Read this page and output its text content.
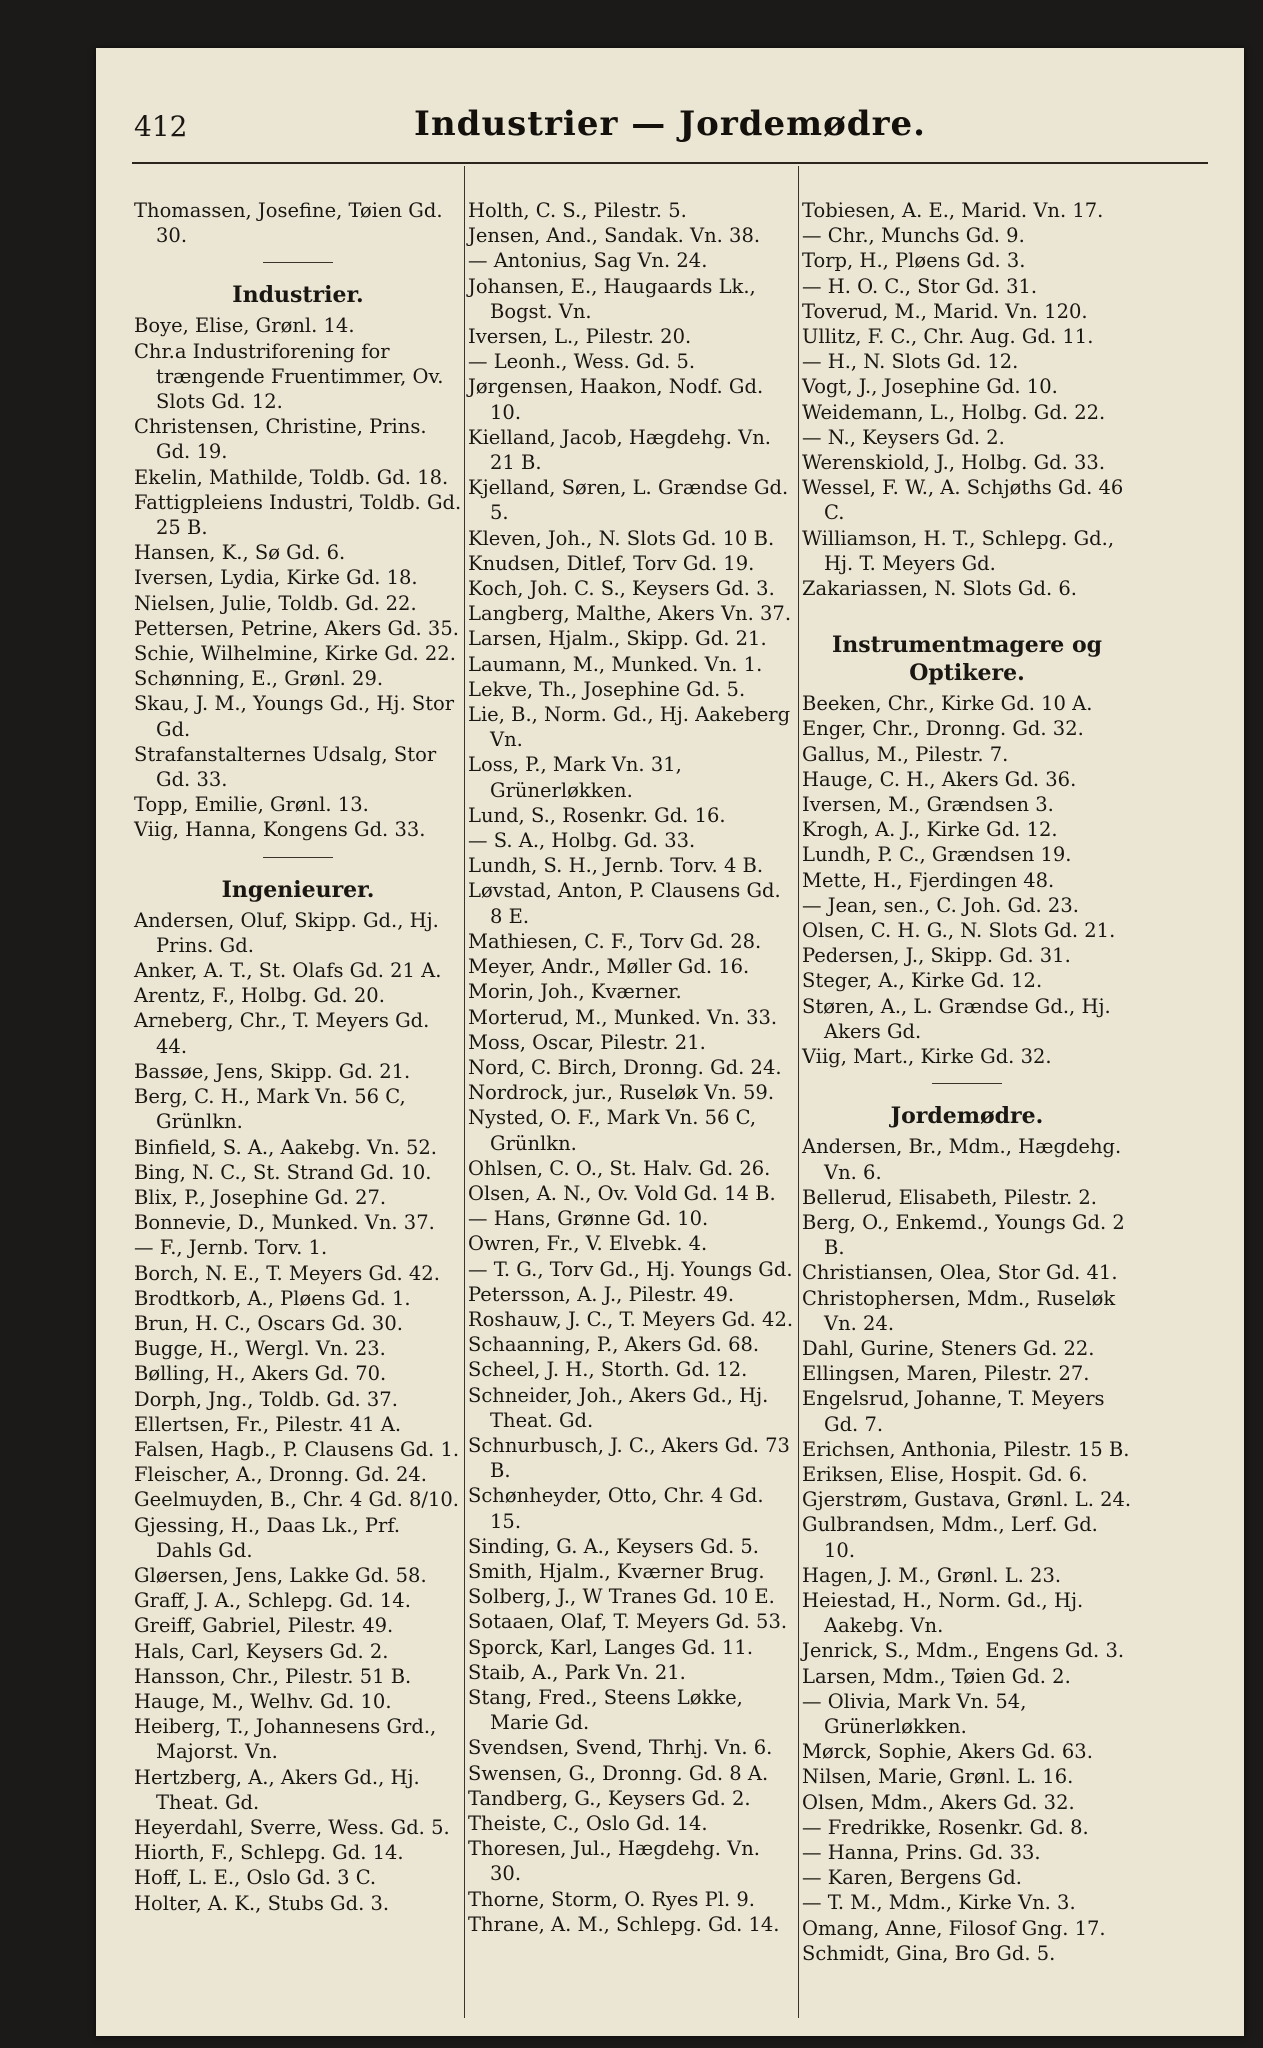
412	Industrier — Jordemødre.
Thomassen, Josefine, Tøien Gd. 30.
Industrier.
Boye, Elise, Grønl. 14.
Chr.a Industriforening for trængende Fruentimmer, Ov. Slots Gd. 12.
Christensen, Christine, Prins. Gd. 19.
Ekelin, Mathilde, Toldb. Gd. 18.
Fattigpleiens Industri, Toldb. Gd. 25 B.
Hansen, K., Sø Gd. 6.
Iversen, Lydia, Kirke Gd. 18.
Nielsen, Julie, Toldb. Gd. 22.
Pettersen, Petrine, Akers Gd. 35.
Schie, Wilhelmine, Kirke Gd. 22.
Schønning, E., Grønl. 29.
Skau, J. M., Youngs Gd., Hj. Stor Gd.
Strafanstalternes Udsalg, Stor Gd. 33.
Topp, Emilie, Grønl. 13.
Viig, Hanna, Kongens Gd. 33.
Ingenieurer.
Andersen, Oluf, Skipp. Gd., Hj. Prins. Gd.
Anker, A. T., St. Olafs Gd. 21 A.
Arentz, F., Holbg. Gd. 20.
Arneberg, Chr., T. Meyers Gd. 44.
Bassøe, Jens, Skipp. Gd. 21.
Berg, C. H., Mark Vn. 56 C, Grünlkn.
Binfield, S. A., Aakebg. Vn. 52.
Bing, N. C., St. Strand Gd. 10.
Blix, P., Josephine Gd. 27.
Bonnevie, D., Munked. Vn. 37.
— F., Jernb. Torv. 1.
Borch, N. E., T. Meyers Gd. 42.
Brodtkorb, A., Pløens Gd. 1.
Brun, H. C., Oscars Gd. 30.
Bugge, H., Wergl. Vn. 23.
Bølling, H., Akers Gd. 70.
Dorph, Jng., Toldb. Gd. 37.
Ellertsen, Fr., Pilestr. 41 A.
Falsen, Hagb., P. Clausens Gd. 1.
Fleischer, A., Dronng. Gd. 24.
Geelmuyden, B., Chr. 4 Gd. 8/10.
Gjessing, H., Daas Lk., Prf. Dahls Gd.
Gløersen, Jens, Lakke Gd. 58.
Graff, J. A., Schlepg. Gd. 14.
Greiff, Gabriel, Pilestr. 49.
Hals, Carl, Keysers Gd. 2.
Hansson, Chr., Pilestr. 51 B.
Hauge, M., Welhv. Gd. 10.
Heiberg, T., Johannesens Grd., Majorst. Vn.
Hertzberg, A., Akers Gd., Hj. Theat. Gd.
Heyerdahl, Sverre, Wess. Gd. 5.
Hiorth, F., Schlepg. Gd. 14.
Hoff, L. E., Oslo Gd. 3 C.
Holter, A. K., Stubs Gd. 3.
Holth, C. S., Pilestr. 5.
Jensen, And., Sandak. Vn. 38.
— Antonius, Sag Vn. 24.
Johansen, E., Haugaards Lk., Bogst. Vn.
Iversen, L., Pilestr. 20.
— Leonh., Wess. Gd. 5.
Jørgensen, Haakon, Nodf. Gd. 10.
Kielland, Jacob, Hægdehg. Vn. 21 B.
Kjelland, Søren, L. Grændse Gd. 5.
Kleven, Joh., N. Slots Gd. 10 B.
Knudsen, Ditlef, Torv Gd. 19.
Koch, Joh. C. S., Keysers Gd. 3.
Langberg, Malthe, Akers Vn. 37.
Larsen, Hjalm., Skipp. Gd. 21.
Laumann, M., Munked. Vn. 1.
Lekve, Th., Josephine Gd. 5.
Lie, B., Norm. Gd., Hj. Aakeberg Vn.
Loss, P., Mark Vn. 31, Grünerløkken.
Lund, S., Rosenkr. Gd. 16.
— S. A., Holbg. Gd. 33.
Lundh, S. H., Jernb. Torv. 4 B.
Løvstad, Anton, P. Clausens Gd. 8 E.
Mathiesen, C. F., Torv Gd. 28.
Meyer, Andr., Møller Gd. 16.
Morin, Joh., Kværner.
Morterud, M., Munked. Vn. 33.
Moss, Oscar, Pilestr. 21.
Nord, C. Birch, Dronng. Gd. 24.
Nordrock, jur., Ruseløk Vn. 59.
Nysted, O. F., Mark Vn. 56 C, Grünlkn.
Ohlsen, C. O., St. Halv. Gd. 26.
Olsen, A. N., Ov. Vold Gd. 14 B.
— Hans, Grønne Gd. 10.
Owren, Fr., V. Elvebk. 4.
— T. G., Torv Gd., Hj. Youngs Gd.
Petersson, A. J., Pilestr. 49.
Roshauw, J. C., T. Meyers Gd. 42.
Schaanning, P., Akers Gd. 68.
Scheel, J. H., Storth. Gd. 12.
Schneider, Joh., Akers Gd., Hj. Theat. Gd.
Schnurbusch, J. C., Akers Gd. 73 B.
Schønheyder, Otto, Chr. 4 Gd. 15.
Sinding, G. A., Keysers Gd. 5.
Smith, Hjalm., Kværner Brug.
Solberg, J., W Tranes Gd. 10 E.
Sotaaen, Olaf, T. Meyers Gd. 53.
Sporck, Karl, Langes Gd. 11.
Staib, A., Park Vn. 21.
Stang, Fred., Steens Løkke, Marie Gd.
Svendsen, Svend, Thrhj. Vn. 6.
Swensen, G., Dronng. Gd. 8 A.
Tandberg, G., Keysers Gd. 2.
Theiste, C., Oslo Gd. 14.
Thoresen, Jul., Hægdehg. Vn. 30.
Thorne, Storm, O. Ryes Pl. 9.
Thrane, A. M., Schlepg. Gd. 14.
Tobiesen, A. E., Marid. Vn. 17.
— Chr., Munchs Gd. 9.
Torp, H., Pløens Gd. 3.
— H. O. C., Stor Gd. 31.
Toverud, M., Marid. Vn. 120.
Ullitz, F. C., Chr. Aug. Gd. 11.
— H., N. Slots Gd. 12.
Vogt, J., Josephine Gd. 10.
Weidemann, L., Holbg. Gd. 22.
— N., Keysers Gd. 2.
Werenskiold, J., Holbg. Gd. 33.
Wessel, F. W., A. Schjøths Gd. 46 C.
Williamson, H. T., Schlepg. Gd., Hj. T. Meyers Gd.
Zakariassen, N. Slots Gd. 6.
Instrumentmagere og Optikere.
Beeken, Chr., Kirke Gd. 10 A.
Enger, Chr., Dronng. Gd. 32.
Gallus, M., Pilestr. 7.
Hauge, C. H., Akers Gd. 36.
Iversen, M., Grændsen 3.
Krogh, A. J., Kirke Gd. 12.
Lundh, P. C., Grændsen 19.
Mette, H., Fjerdingen 48.
— Jean, sen., C. Joh. Gd. 23.
Olsen, C. H. G., N. Slots Gd. 21.
Pedersen, J., Skipp. Gd. 31.
Steger, A., Kirke Gd. 12.
Støren, A., L. Grændse Gd., Hj. Akers Gd.
Viig, Mart., Kirke Gd. 32.
Jordemødre.
Andersen, Br., Mdm., Hægdehg. Vn. 6.
Bellerud, Elisabeth, Pilestr. 2.
Berg, O., Enkemd., Youngs Gd. 2 B.
Christiansen, Olea, Stor Gd. 41.
Christophersen, Mdm., Ruseløk Vn. 24.
Dahl, Gurine, Steners Gd. 22.
Ellingsen, Maren, Pilestr. 27.
Engelsrud, Johanne, T. Meyers Gd. 7.
Erichsen, Anthonia, Pilestr. 15 B.
Eriksen, Elise, Hospit. Gd. 6.
Gjerstrøm, Gustava, Grønl. L. 24.
Gulbrandsen, Mdm., Lerf. Gd. 10.
Hagen, J. M., Grønl. L. 23.
Heiestad, H., Norm. Gd., Hj. Aakebg. Vn.
Jenrick, S., Mdm., Engens Gd. 3.
Larsen, Mdm., Tøien Gd. 2.
— Olivia, Mark Vn. 54, Grünerløkken.
Mørck, Sophie, Akers Gd. 63.
Nilsen, Marie, Grønl. L. 16.
Olsen, Mdm., Akers Gd. 32.
— Fredrikke, Rosenkr. Gd. 8.
— Hanna, Prins. Gd. 33.
— Karen, Bergens Gd.
— T. M., Mdm., Kirke Vn. 3.
Omang, Anne, Filosof Gng. 17.
Schmidt, Gina, Bro Gd. 5.
